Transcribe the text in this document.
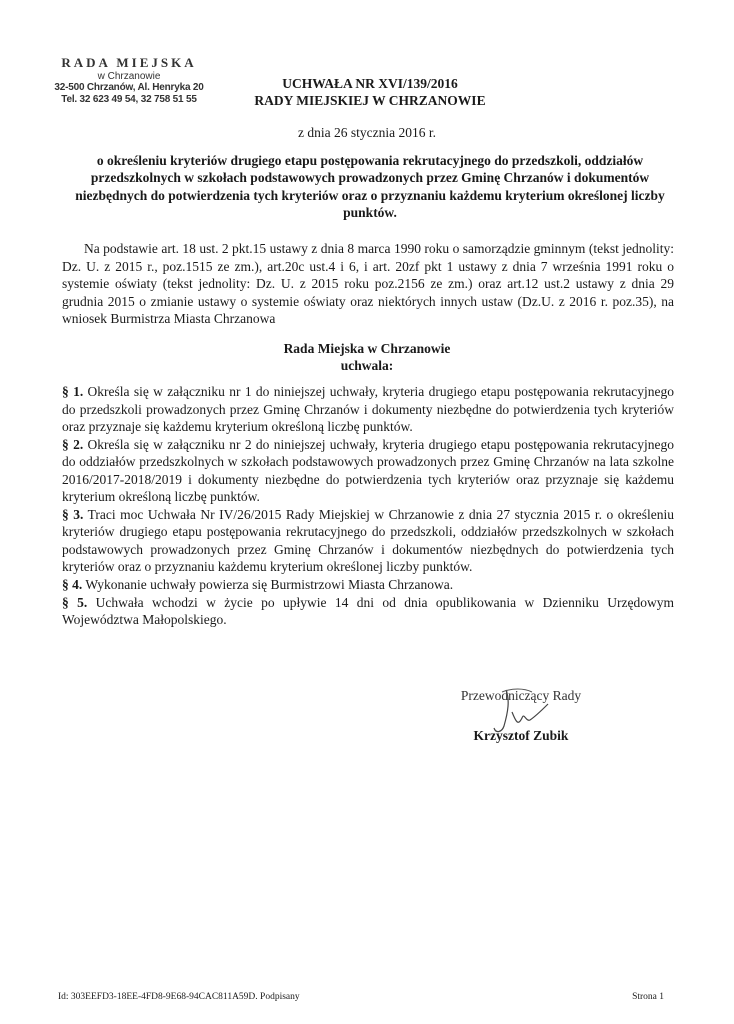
RADA MIEJSKA
w Chrzanowie
32-500 Chrzanów, Al. Henryka 20
Tel. 32 623 49 54, 32 758 51 55
UCHWAŁA NR XVI/139/2016
RADY MIEJSKIEJ W CHRZANOWIE
z dnia 26 stycznia 2016 r.
o określeniu kryteriów drugiego etapu postępowania rekrutacyjnego do przedszkoli, oddziałów przedszkolnych w szkołach podstawowych prowadzonych przez Gminę Chrzanów i dokumentów niezbędnych do potwierdzenia tych kryteriów oraz o przyznaniu każdemu kryterium określonej liczby punktów.

Na podstawie art. 18 ust. 2 pkt.15 ustawy z dnia 8 marca 1990 roku o samorządzie gminnym (tekst jednolity: Dz. U. z 2015 r., poz.1515 ze zm.), art.20c ust.4 i 6, i art. 20zf pkt 1 ustawy z dnia 7 września 1991 roku o systemie oświaty (tekst jednolity: Dz. U. z 2015 roku poz.2156 ze zm.) oraz art.12 ust.2 ustawy z dnia 29 grudnia 2015 o zmianie ustawy o systemie oświaty oraz niektórych innych ustaw (Dz.U. z 2016 r. poz.35), na wniosek Burmistrza Miasta Chrzanowa

Rada Miejska w Chrzanowie
uchwala:

§ 1. Określa się w załączniku nr 1 do niniejszej uchwały, kryteria drugiego etapu postępowania rekrutacyjnego do przedszkoli prowadzonych przez Gminę Chrzanów i dokumenty niezbędne do potwierdzenia tych kryteriów oraz przyznaje się każdemu kryterium określoną liczbę punktów.

§ 2. Określa się w załączniku nr 2 do niniejszej uchwały, kryteria drugiego etapu postępowania rekrutacyjnego do oddziałów przedszkolnych w szkołach podstawowych prowadzonych przez Gminę Chrzanów na lata szkolne 2016/2017-2018/2019 i dokumenty niezbędne do potwierdzenia tych kryteriów oraz przyznaje się każdemu kryterium określoną liczbę punktów.

§ 3. Traci moc Uchwała Nr IV/26/2015 Rady Miejskiej w Chrzanowie z dnia 27 stycznia 2015 r. o określeniu kryteriów drugiego etapu postępowania rekrutacyjnego do przedszkoli, oddziałów przedszkolnych w szkołach podstawowych prowadzonych przez Gminę Chrzanów i dokumentów niezbędnych do potwierdzenia tych kryteriów oraz o przyznaniu każdemu kryterium określonej liczby punktów.

§ 4. Wykonanie uchwały powierza się Burmistrzowi Miasta Chrzanowa.

§ 5. Uchwała wchodzi w życie po upływie 14 dni od dnia opublikowania w Dzienniku Urzędowym Województwa Małopolskiego.

Przewodniczący Rady
Krzysztof Zubik
Id: 303EEFD3-18EE-4FD8-9E68-94CAC811A59D. Podpisany	Strona 1
